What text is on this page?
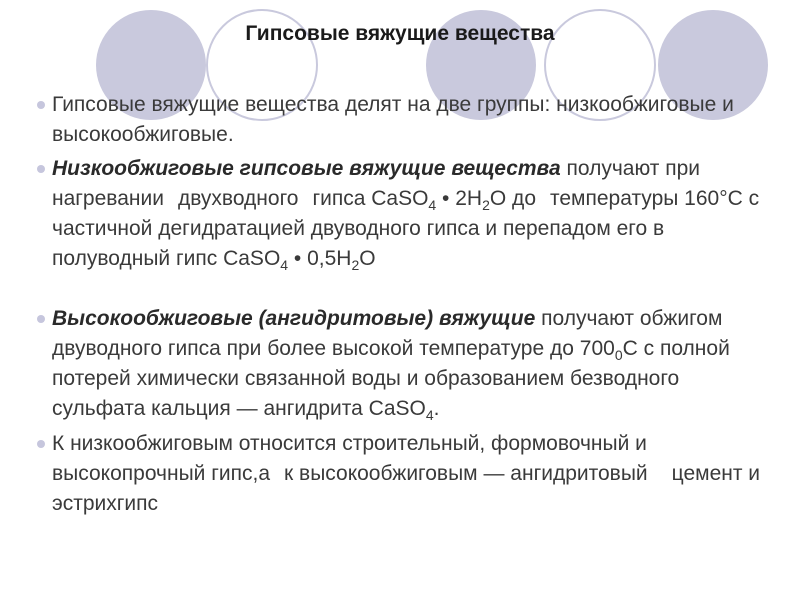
Гипсовые вяжущие вещества
Гипсовые вяжущие вещества делят на две группы: низкообжиговые и высокообжиговые.
Низкообжиговые гипсовые вяжущие вещества получают при нагревании двухводного гипса CaSO$_4$ • $2H_2O$ до температуры 160°С с частичной дегидратацией двуводного гипса и перепадом его в полуводный гипс CaSO$_4$ • $0,5H_2O$
Высокообжиговые (ангидритовые) вяжущие получают обжигом двуводного гипса при более высокой температуре до $700_0С$ с полной потерей химически связанной воды и образованием безводного сульфата кальция — ангидрита CaSO$_4$.
К низкообжиговым относится строительный, формовочный и высокопрочный гипс,а к высокообжиговым — ангидритовый цемент и эстрихгипс
